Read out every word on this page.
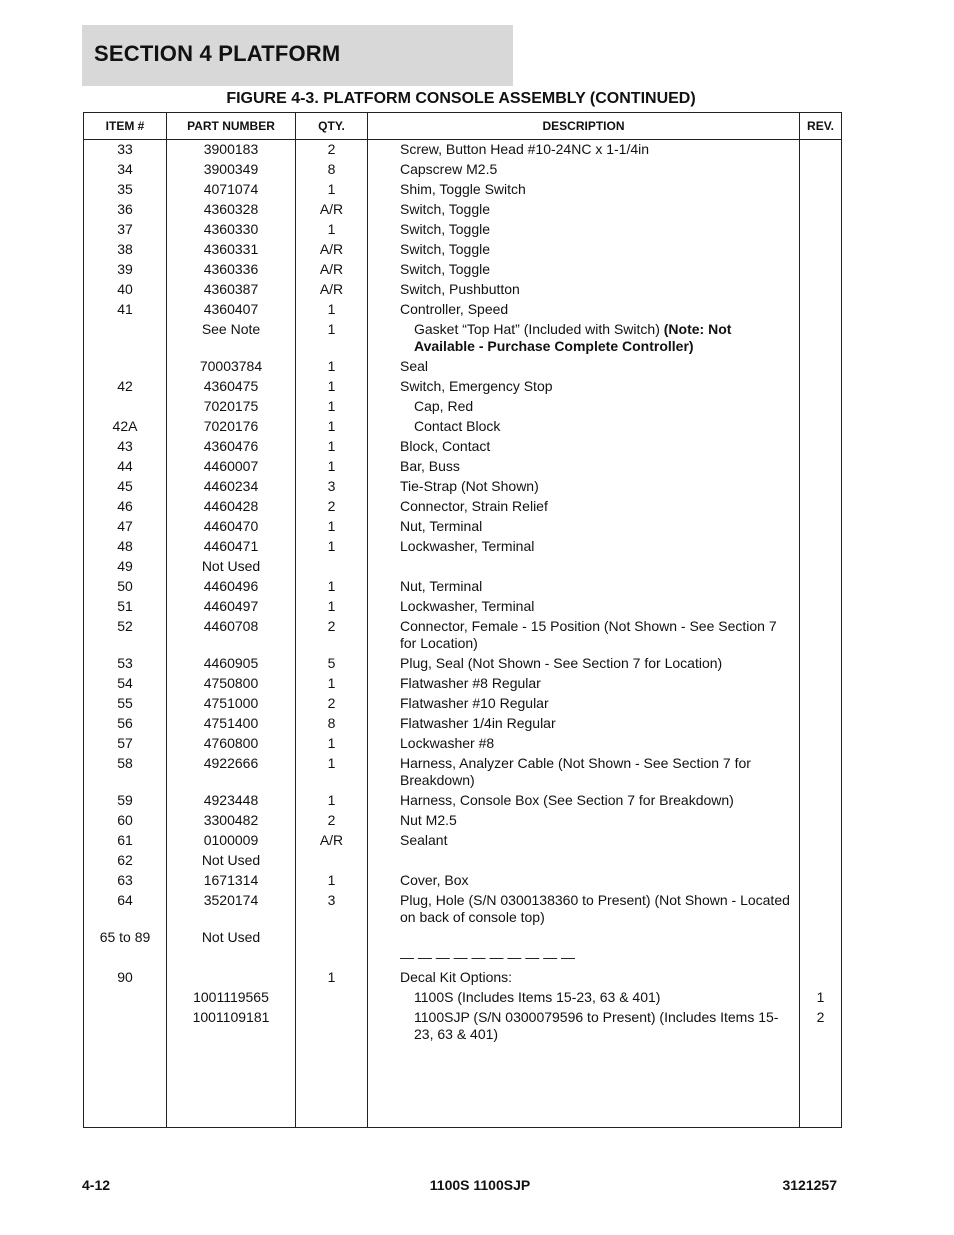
SECTION 4 PLATFORM
FIGURE 4-3. PLATFORM CONSOLE ASSEMBLY (CONTINUED)
ITEM #	PART NUMBER	QTY.	DESCRIPTION	REV.
33	3900183	2	Screw, Button Head #10-24NC x 1-1/4in	
34	3900349	8	Capscrew M2.5	
35	4071074	1	Shim, Toggle Switch	
36	4360328	A/R	Switch, Toggle	
37	4360330	1	Switch, Toggle	
38	4360331	A/R	Switch, Toggle	
39	4360336	A/R	Switch, Toggle	
40	4360387	A/R	Switch, Pushbutton	
41	4360407	1	Controller, Speed	
	See Note	1	Gasket “Top Hat” (Included with Switch) (Note: Not Available - Purchase Complete Controller)	
	70003784	1	Seal	
42	4360475	1	Switch, Emergency Stop	
	7020175	1	Cap, Red	
42A	7020176	1	Contact Block	
43	4360476	1	Block, Contact	
44	4460007	1	Bar, Buss	
45	4460234	3	Tie-Strap (Not Shown)	
46	4460428	2	Connector, Strain Relief	
47	4460470	1	Nut, Terminal	
48	4460471	1	Lockwasher, Terminal	
49	Not Used			
50	4460496	1	Nut, Terminal	
51	4460497	1	Lockwasher, Terminal	
52	4460708	2	Connector, Female - 15 Position (Not Shown - See Section 7 for Location)	
53	4460905	5	Plug, Seal (Not Shown - See Section 7 for Location)	
54	4750800	1	Flatwasher #8 Regular	
55	4751000	2	Flatwasher #10 Regular	
56	4751400	8	Flatwasher 1/4in Regular	
57	4760800	1	Lockwasher #8	
58	4922666	1	Harness, Analyzer Cable (Not Shown - See Section 7 for Breakdown)	
59	4923448	1	Harness, Console Box (See Section 7 for Breakdown)	
60	3300482	2	Nut M2.5	
61	0100009	A/R	Sealant	
62	Not Used			
63	1671314	1	Cover, Box	
64	3520174	3	Plug, Hole (S/N 0300138360 to Present) (Not Shown - Located on back of console top)	
65 to 89	Not Used			
			— — — — — — — — — —	
90		1	Decal Kit Options:	
	1001119565		1100S (Includes Items 15-23, 63 & 401)	1
	1001109181		1100SJP (S/N 0300079596 to Present) (Includes Items 15-23, 63 & 401)	2

4-12	1100S 1100SJP	3121257
